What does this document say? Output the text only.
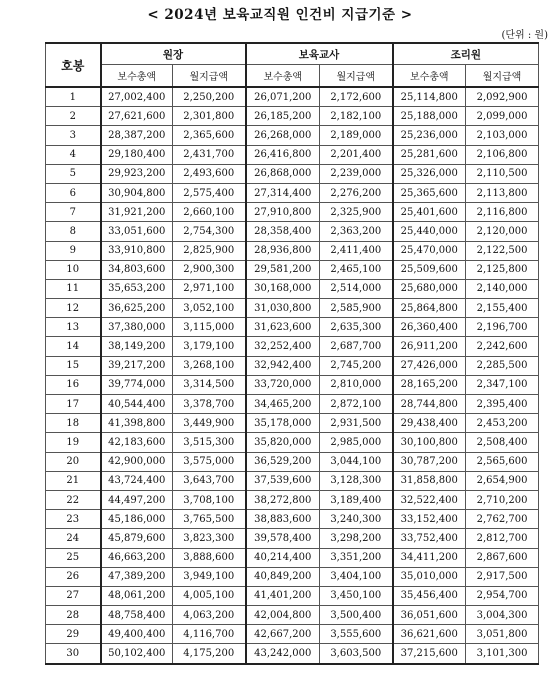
< 2024년 보육교직원 인건비 지급기준 >
(단위 : 원)
호봉	원장		보육교사		조리원	
	보수총액	월지급액	보수총액	월지급액	보수총액	월지급액
1	27,002,400	2,250,200	26,071,200	2,172,600	25,114,800	2,092,900
2	27,621,600	2,301,800	26,185,200	2,182,100	25,188,000	2,099,000
3	28,387,200	2,365,600	26,268,000	2,189,000	25,236,000	2,103,000
4	29,180,400	2,431,700	26,416,800	2,201,400	25,281,600	2,106,800
5	29,923,200	2,493,600	26,868,000	2,239,000	25,326,000	2,110,500
6	30,904,800	2,575,400	27,314,400	2,276,200	25,365,600	2,113,800
7	31,921,200	2,660,100	27,910,800	2,325,900	25,401,600	2,116,800
8	33,051,600	2,754,300	28,358,400	2,363,200	25,440,000	2,120,000
9	33,910,800	2,825,900	28,936,800	2,411,400	25,470,000	2,122,500
10	34,803,600	2,900,300	29,581,200	2,465,100	25,509,600	2,125,800
11	35,653,200	2,971,100	30,168,000	2,514,000	25,680,000	2,140,000
12	36,625,200	3,052,100	31,030,800	2,585,900	25,864,800	2,155,400
13	37,380,000	3,115,000	31,623,600	2,635,300	26,360,400	2,196,700
14	38,149,200	3,179,100	32,252,400	2,687,700	26,911,200	2,242,600
15	39,217,200	3,268,100	32,942,400	2,745,200	27,426,000	2,285,500
16	39,774,000	3,314,500	33,720,000	2,810,000	28,165,200	2,347,100
17	40,544,400	3,378,700	34,465,200	2,872,100	28,744,800	2,395,400
18	41,398,800	3,449,900	35,178,000	2,931,500	29,438,400	2,453,200
19	42,183,600	3,515,300	35,820,000	2,985,000	30,100,800	2,508,400
20	42,900,000	3,575,000	36,529,200	3,044,100	30,787,200	2,565,600
21	43,724,400	3,643,700	37,539,600	3,128,300	31,858,800	2,654,900
22	44,497,200	3,708,100	38,272,800	3,189,400	32,522,400	2,710,200
23	45,186,000	3,765,500	38,883,600	3,240,300	33,152,400	2,762,700
24	45,879,600	3,823,300	39,578,400	3,298,200	33,752,400	2,812,700
25	46,663,200	3,888,600	40,214,400	3,351,200	34,411,200	2,867,600
26	47,389,200	3,949,100	40,849,200	3,404,100	35,010,000	2,917,500
27	48,061,200	4,005,100	41,401,200	3,450,100	35,456,400	2,954,700
28	48,758,400	4,063,200	42,004,800	3,500,400	36,051,600	3,004,300
29	49,400,400	4,116,700	42,667,200	3,555,600	36,621,600	3,051,800
30	50,102,400	4,175,200	43,242,000	3,603,500	37,215,600	3,101,300
